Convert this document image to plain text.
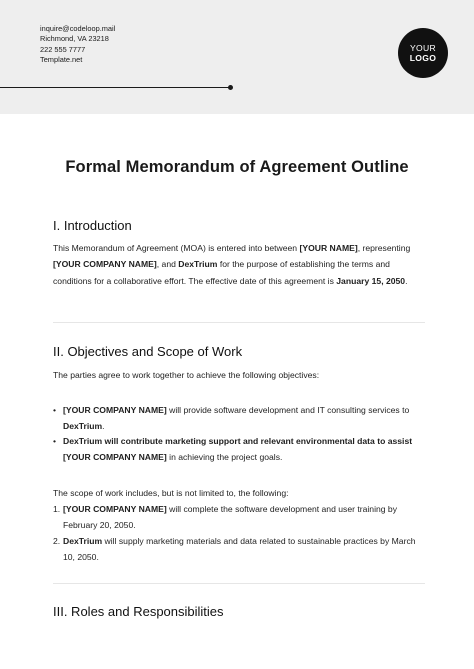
inquire@codeloop.mail
Richmond, VA 23218
222 555 7777
Template.net
YOUR
LOGO
Formal Memorandum of Agreement Outline
I. Introduction
This Memorandum of Agreement (MOA) is entered into between [YOUR NAME], representing [YOUR COMPANY NAME], and DexTrium for the purpose of establishing the terms and conditions for a collaborative effort. The effective date of this agreement is January 15, 2050.
II. Objectives and Scope of Work
The parties agree to work together to achieve the following objectives:
• [YOUR COMPANY NAME] will provide software development and IT consulting services to DexTrium.
• DexTrium will contribute marketing support and relevant environmental data to assist [YOUR COMPANY NAME] in achieving the project goals.
The scope of work includes, but is not limited to, the following:
1. [YOUR COMPANY NAME] will complete the software development and user training by February 20, 2050.
2. DexTrium will supply marketing materials and data related to sustainable practices by March 10, 2050.
III. Roles and Responsibilities
